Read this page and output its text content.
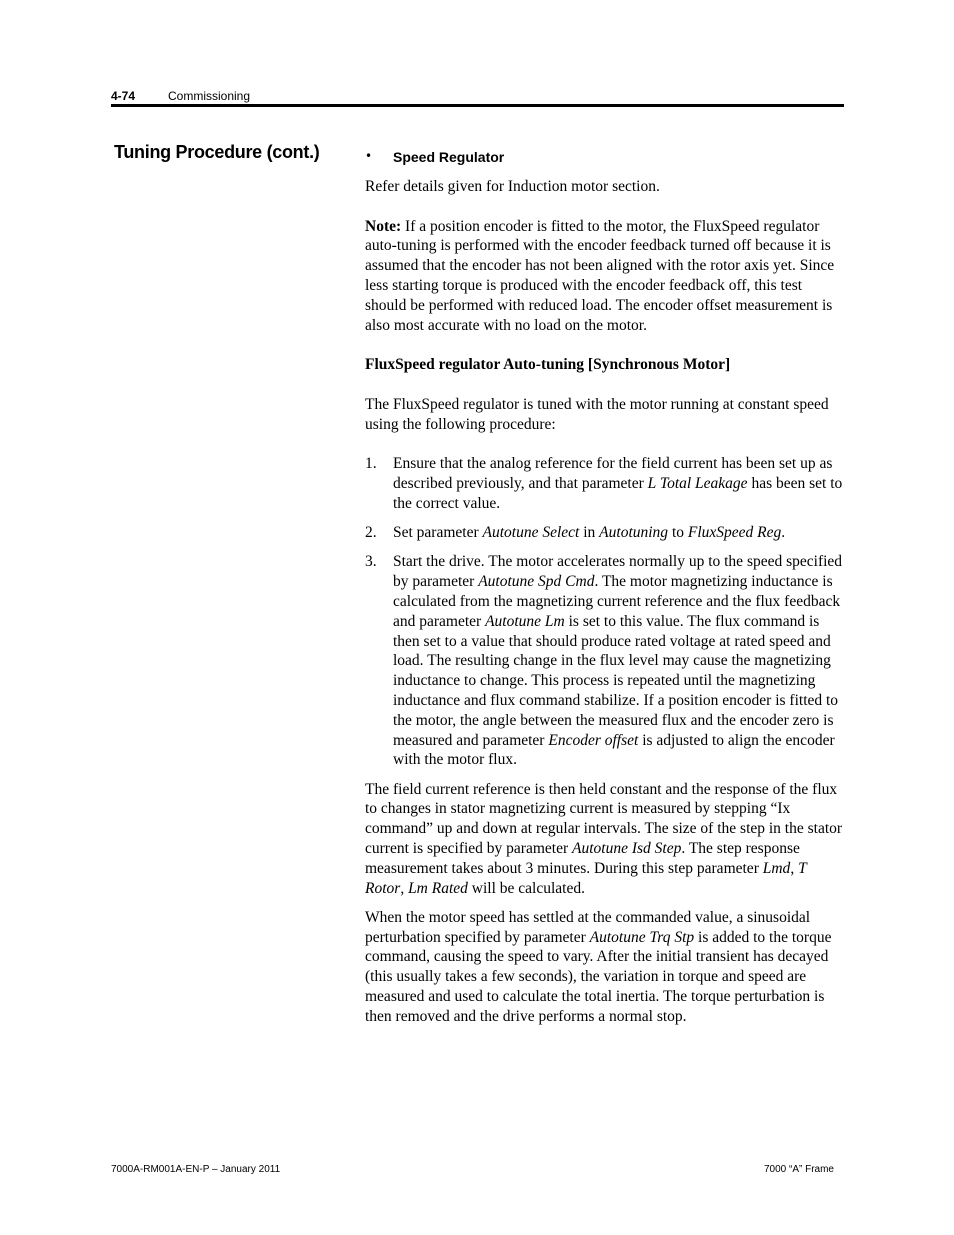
4-74	Commissioning
Tuning Procedure (cont.)	• Speed Regulator

Refer details given for Induction motor section.

Note: If a position encoder is fitted to the motor, the FluxSpeed regulator auto-tuning is performed with the encoder feedback turned off because it is assumed that the encoder has not been aligned with the rotor axis yet. Since less starting torque is produced with the encoder feedback off, this test should be performed with reduced load. The encoder offset measurement is also most accurate with no load on the motor.

FluxSpeed regulator Auto-tuning [Synchronous Motor]

The FluxSpeed regulator is tuned with the motor running at constant speed using the following procedure:

1. Ensure that the analog reference for the field current has been set up as described previously, and that parameter L Total Leakage has been set to the correct value.
2. Set parameter Autotune Select in Autotuning to FluxSpeed Reg.
3. Start the drive. The motor accelerates normally up to the speed specified by parameter Autotune Spd Cmd. The motor magnetizing inductance is calculated from the magnetizing current reference and the flux feedback and parameter Autotune Lm is set to this value. The flux command is then set to a value that should produce rated voltage at rated speed and load. The resulting change in the flux level may cause the magnetizing inductance to change. This process is repeated until the magnetizing inductance and flux command stabilize. If a position encoder is fitted to the motor, the angle between the measured flux and the encoder zero is measured and parameter Encoder offset is adjusted to align the encoder with the motor flux.

The field current reference is then held constant and the response of the flux to changes in stator magnetizing current is measured by stepping “Ix command” up and down at regular intervals. The size of the step in the stator current is specified by parameter Autotune Isd Step. The step response measurement takes about 3 minutes. During this step parameter Lmd, T Rotor, Lm Rated will be calculated.

When the motor speed has settled at the commanded value, a sinusoidal perturbation specified by parameter Autotune Trq Stp is added to the torque command, causing the speed to vary. After the initial transient has decayed (this usually takes a few seconds), the variation in torque and speed are measured and used to calculate the total inertia. The torque perturbation is then removed and the drive performs a normal stop.

7000A-RM001A-EN-P – January 2011	7000 “A” Frame
